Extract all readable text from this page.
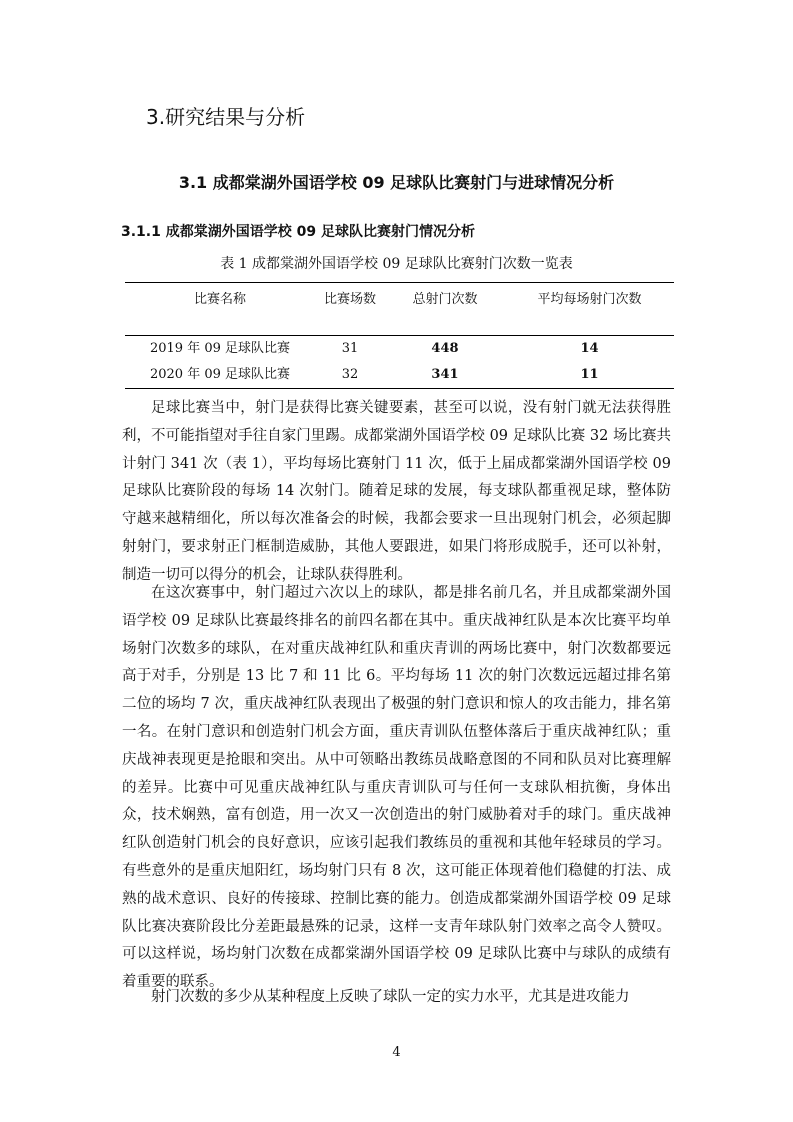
3.研究结果与分析
3.1 成都棠湖外国语学校 09 足球队比赛射门与进球情况分析
3.1.1 成都棠湖外国语学校 09 足球队比赛射门情况分析
表 1 成都棠湖外国语学校 09 足球队比赛射门次数一览表
比赛名称	比赛场数	总射门次数	平均每场射门次数
2019 年 09 足球队比赛	31	448	14
2020 年 09 足球队比赛	32	341	11

足球比赛当中，射门是获得比赛关键要素，甚至可以说，没有射门就无法获得胜利，不可能指望对手往自家门里踢。成都棠湖外国语学校 09 足球队比赛 32 场比赛共计射门 341 次（表 1），平均每场比赛射门 11 次，低于上届成都棠湖外国语学校 09 足球队比赛阶段的每场 14 次射门。随着足球的发展，每支球队都重视足球，整体防守越来越精细化，所以每次准备会的时候，我都会要求一旦出现射门机会，必须起脚射射门，要求射正门框制造威胁，其他人要跟进，如果门将形成脱手，还可以补射，制造一切可以得分的机会，让球队获得胜利。

在这次赛事中，射门超过六次以上的球队，都是排名前几名，并且成都棠湖外国语学校 09 足球队比赛最终排名的前四名都在其中。重庆战神红队是本次比赛平均单场射门次数多的球队，在对重庆战神红队和重庆青训的两场比赛中，射门次数都要远高于对手，分别是 13 比 7 和 11 比 6。平均每场 11 次的射门次数远远超过排名第二位的场均 7 次，重庆战神红队表现出了极强的射门意识和惊人的攻击能力，排名第一名。在射门意识和创造射门机会方面，重庆青训队伍整体落后于重庆战神红队；重庆战神表现更是抢眼和突出。从中可领略出教练员战略意图的不同和队员对比赛理解的差异。比赛中可见重庆战神红队与重庆青训队可与任何一支球队相抗衡，身体出众，技术娴熟，富有创造，用一次又一次创造出的射门威胁着对手的球门。重庆战神红队创造射门机会的良好意识，应该引起我们教练员的重视和其他年轻球员的学习。有些意外的是重庆旭阳红，场均射门只有 8 次，这可能正体现着他们稳健的打法、成熟的战术意识、良好的传接球、控制比赛的能力。创造成都棠湖外国语学校 09 足球队比赛决赛阶段比分差距最悬殊的记录，这样一支青年球队射门效率之高令人赞叹。可以这样说，场均射门次数在成都棠湖外国语学校 09 足球队比赛中与球队的成绩有着重要的联系。

射门次数的多少从某种程度上反映了球队一定的实力水平，尤其是进攻能力

4
